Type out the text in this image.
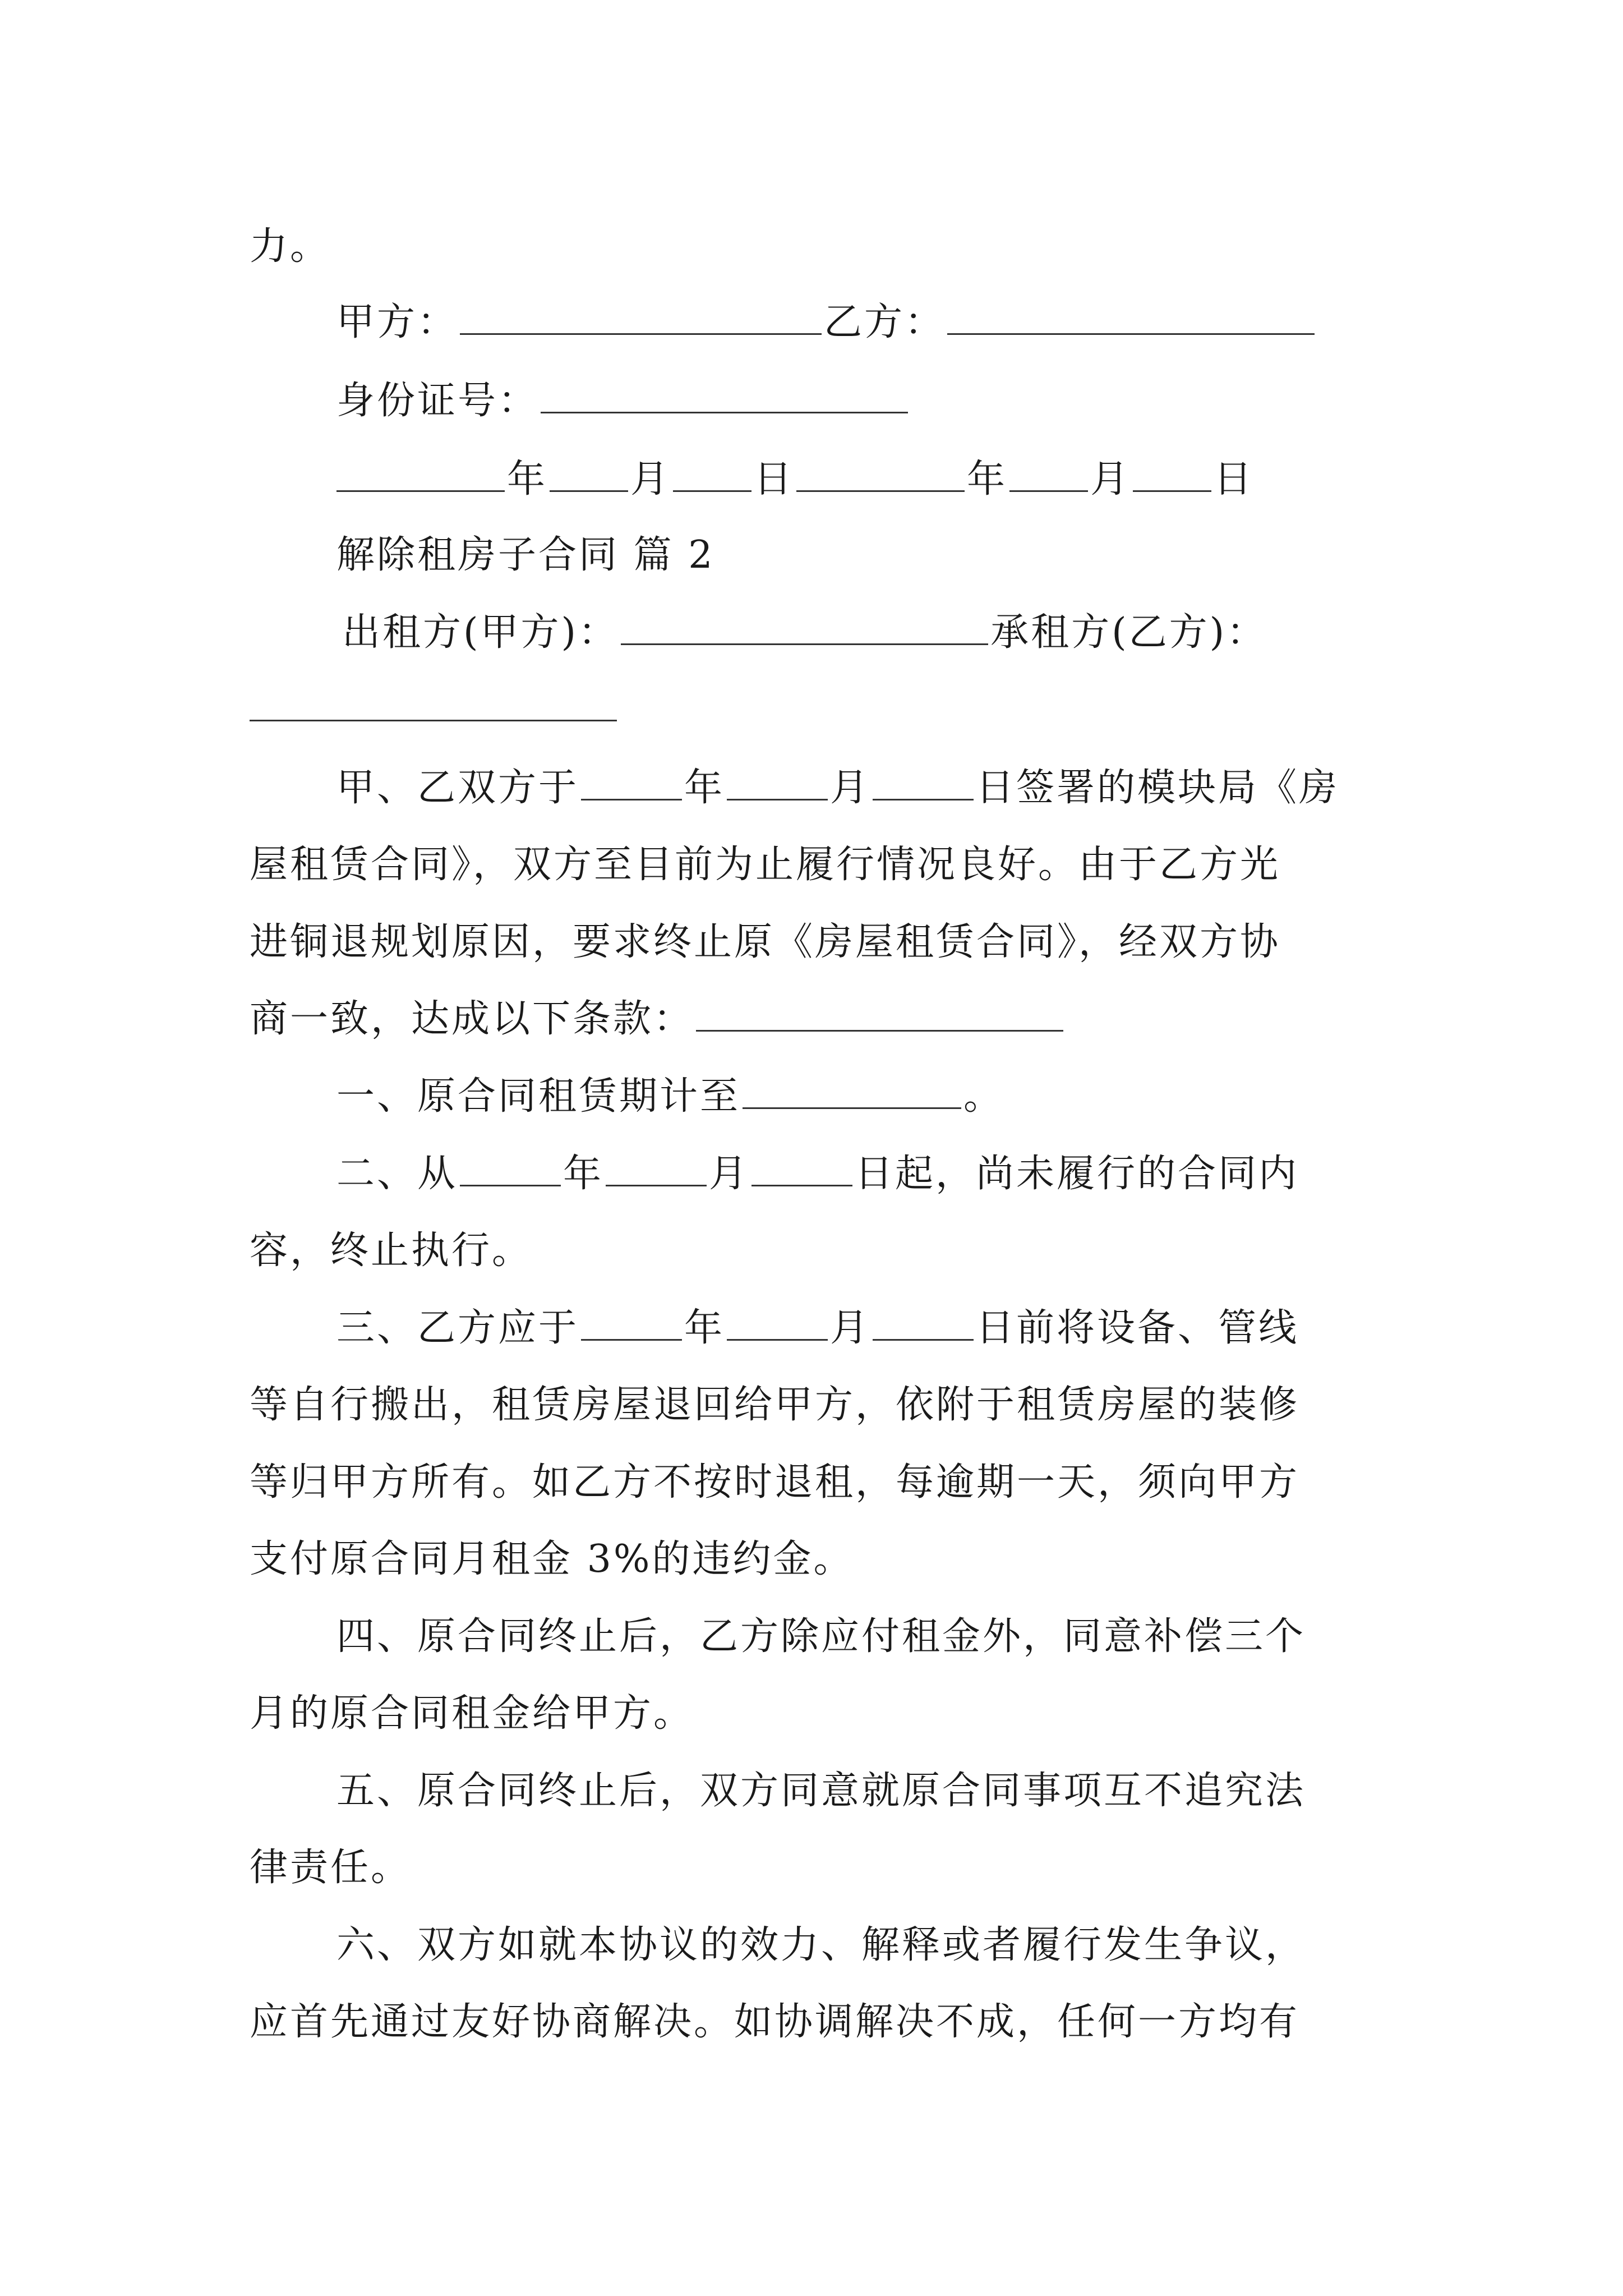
力。
甲方：	乙方：
身份证号：
年 月 日	年 月 日
解除租房子合同 篇 2
出租方(甲方)：	承租方(乙方)：
甲、乙双方于	年	月	日签署的模块局《房
屋租赁合同》，双方至目前为止履行情况良好。由于乙方光
进铜退规划原因，要求终止原《房屋租赁合同》，经双方协
商一致，达成以下条款：
一、原合同租赁期计至	。
二、从	年	月	日起，尚未履行的合同内
容，终止执行。
三、乙方应于	年	月	日前将设备、管线
等自行搬出，租赁房屋退回给甲方，依附于租赁房屋的装修
等归甲方所有。如乙方不按时退租，每逾期一天，须向甲方
支付原合同月租金 3%的违约金。
四、原合同终止后，乙方除应付租金外，同意补偿三个
月的原合同租金给甲方。
五、原合同终止后，双方同意就原合同事项互不追究法
律责任。
六、双方如就本协议的效力、解释或者履行发生争议，
应首先通过友好协商解决。如协调解决不成，任何一方均有
